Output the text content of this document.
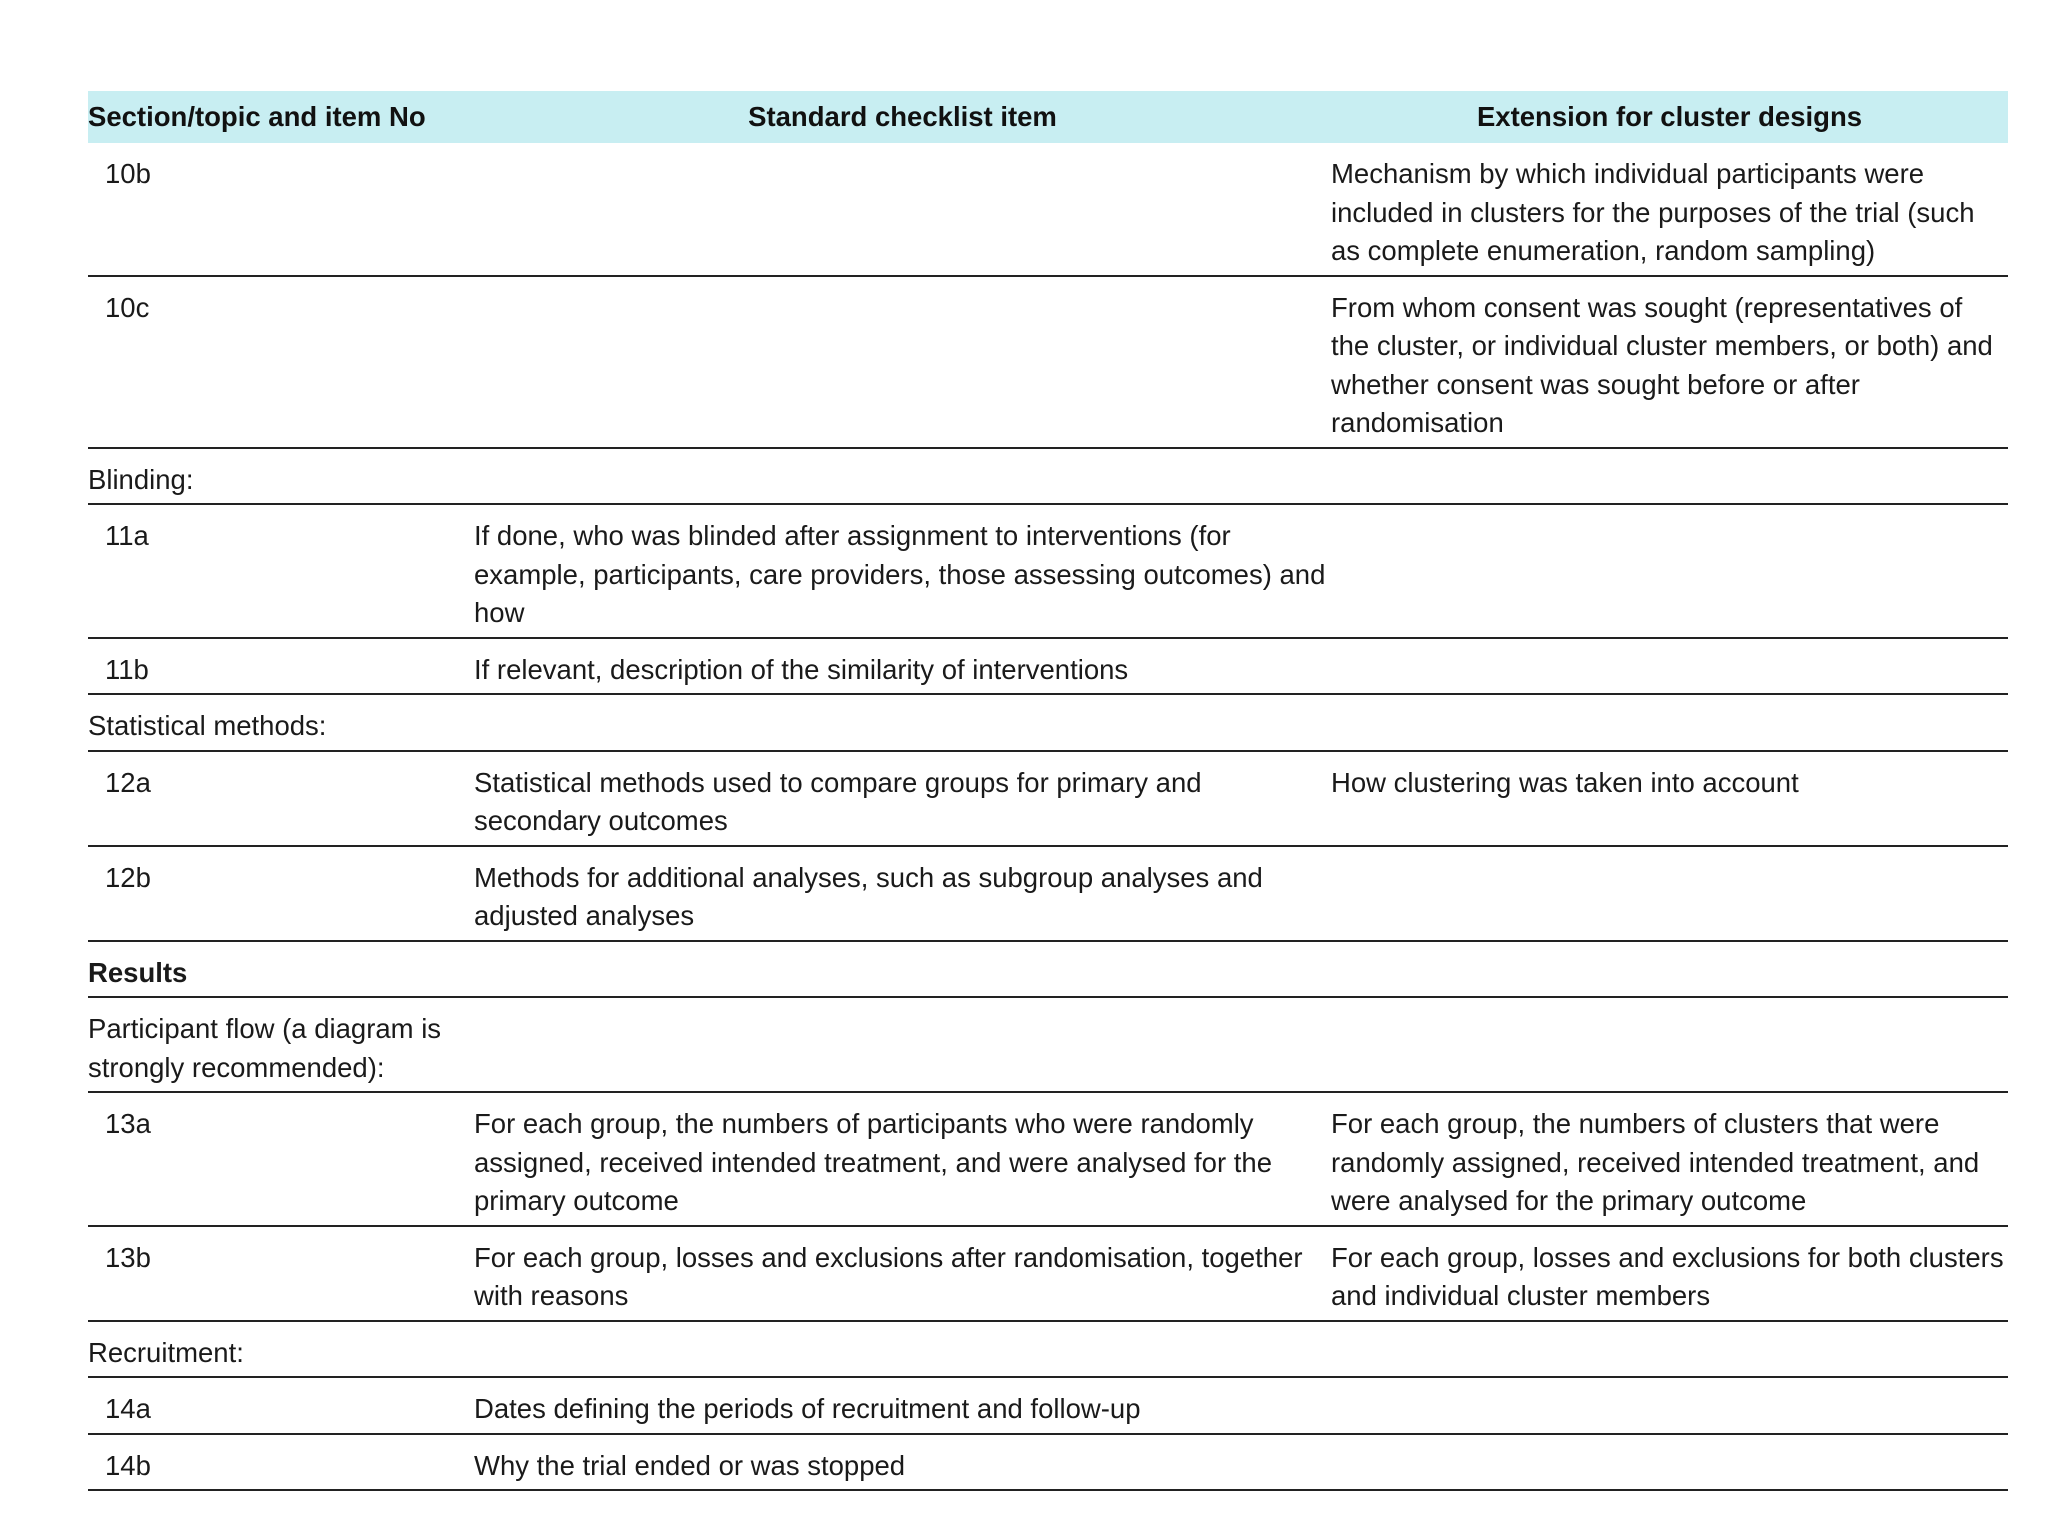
Section/topic and item No	Standard checklist item	Extension for cluster designs
10b		Mechanism by which individual participants were included in clusters for the purposes of the trial (such as complete enumeration, random sampling)
10c		From whom consent was sought (representatives of the cluster, or individual cluster members, or both) and whether consent was sought before or after randomisation
Blinding:		
11a	If done, who was blinded after assignment to interventions (for example, participants, care providers, those assessing outcomes) and how	
11b	If relevant, description of the similarity of interventions	
Statistical methods:		
12a	Statistical methods used to compare groups for primary and secondary outcomes	How clustering was taken into account
12b	Methods for additional analyses, such as subgroup analyses and adjusted analyses	
Results		
Participant flow (a diagram is strongly recommended):		
13a	For each group, the numbers of participants who were randomly assigned, received intended treatment, and were analysed for the primary outcome	For each group, the numbers of clusters that were randomly assigned, received intended treatment, and were analysed for the primary outcome
13b	For each group, losses and exclusions after randomisation, together with reasons	For each group, losses and exclusions for both clusters and individual cluster members
Recruitment:		
14a	Dates defining the periods of recruitment and follow-up	
14b	Why the trial ended or was stopped	
